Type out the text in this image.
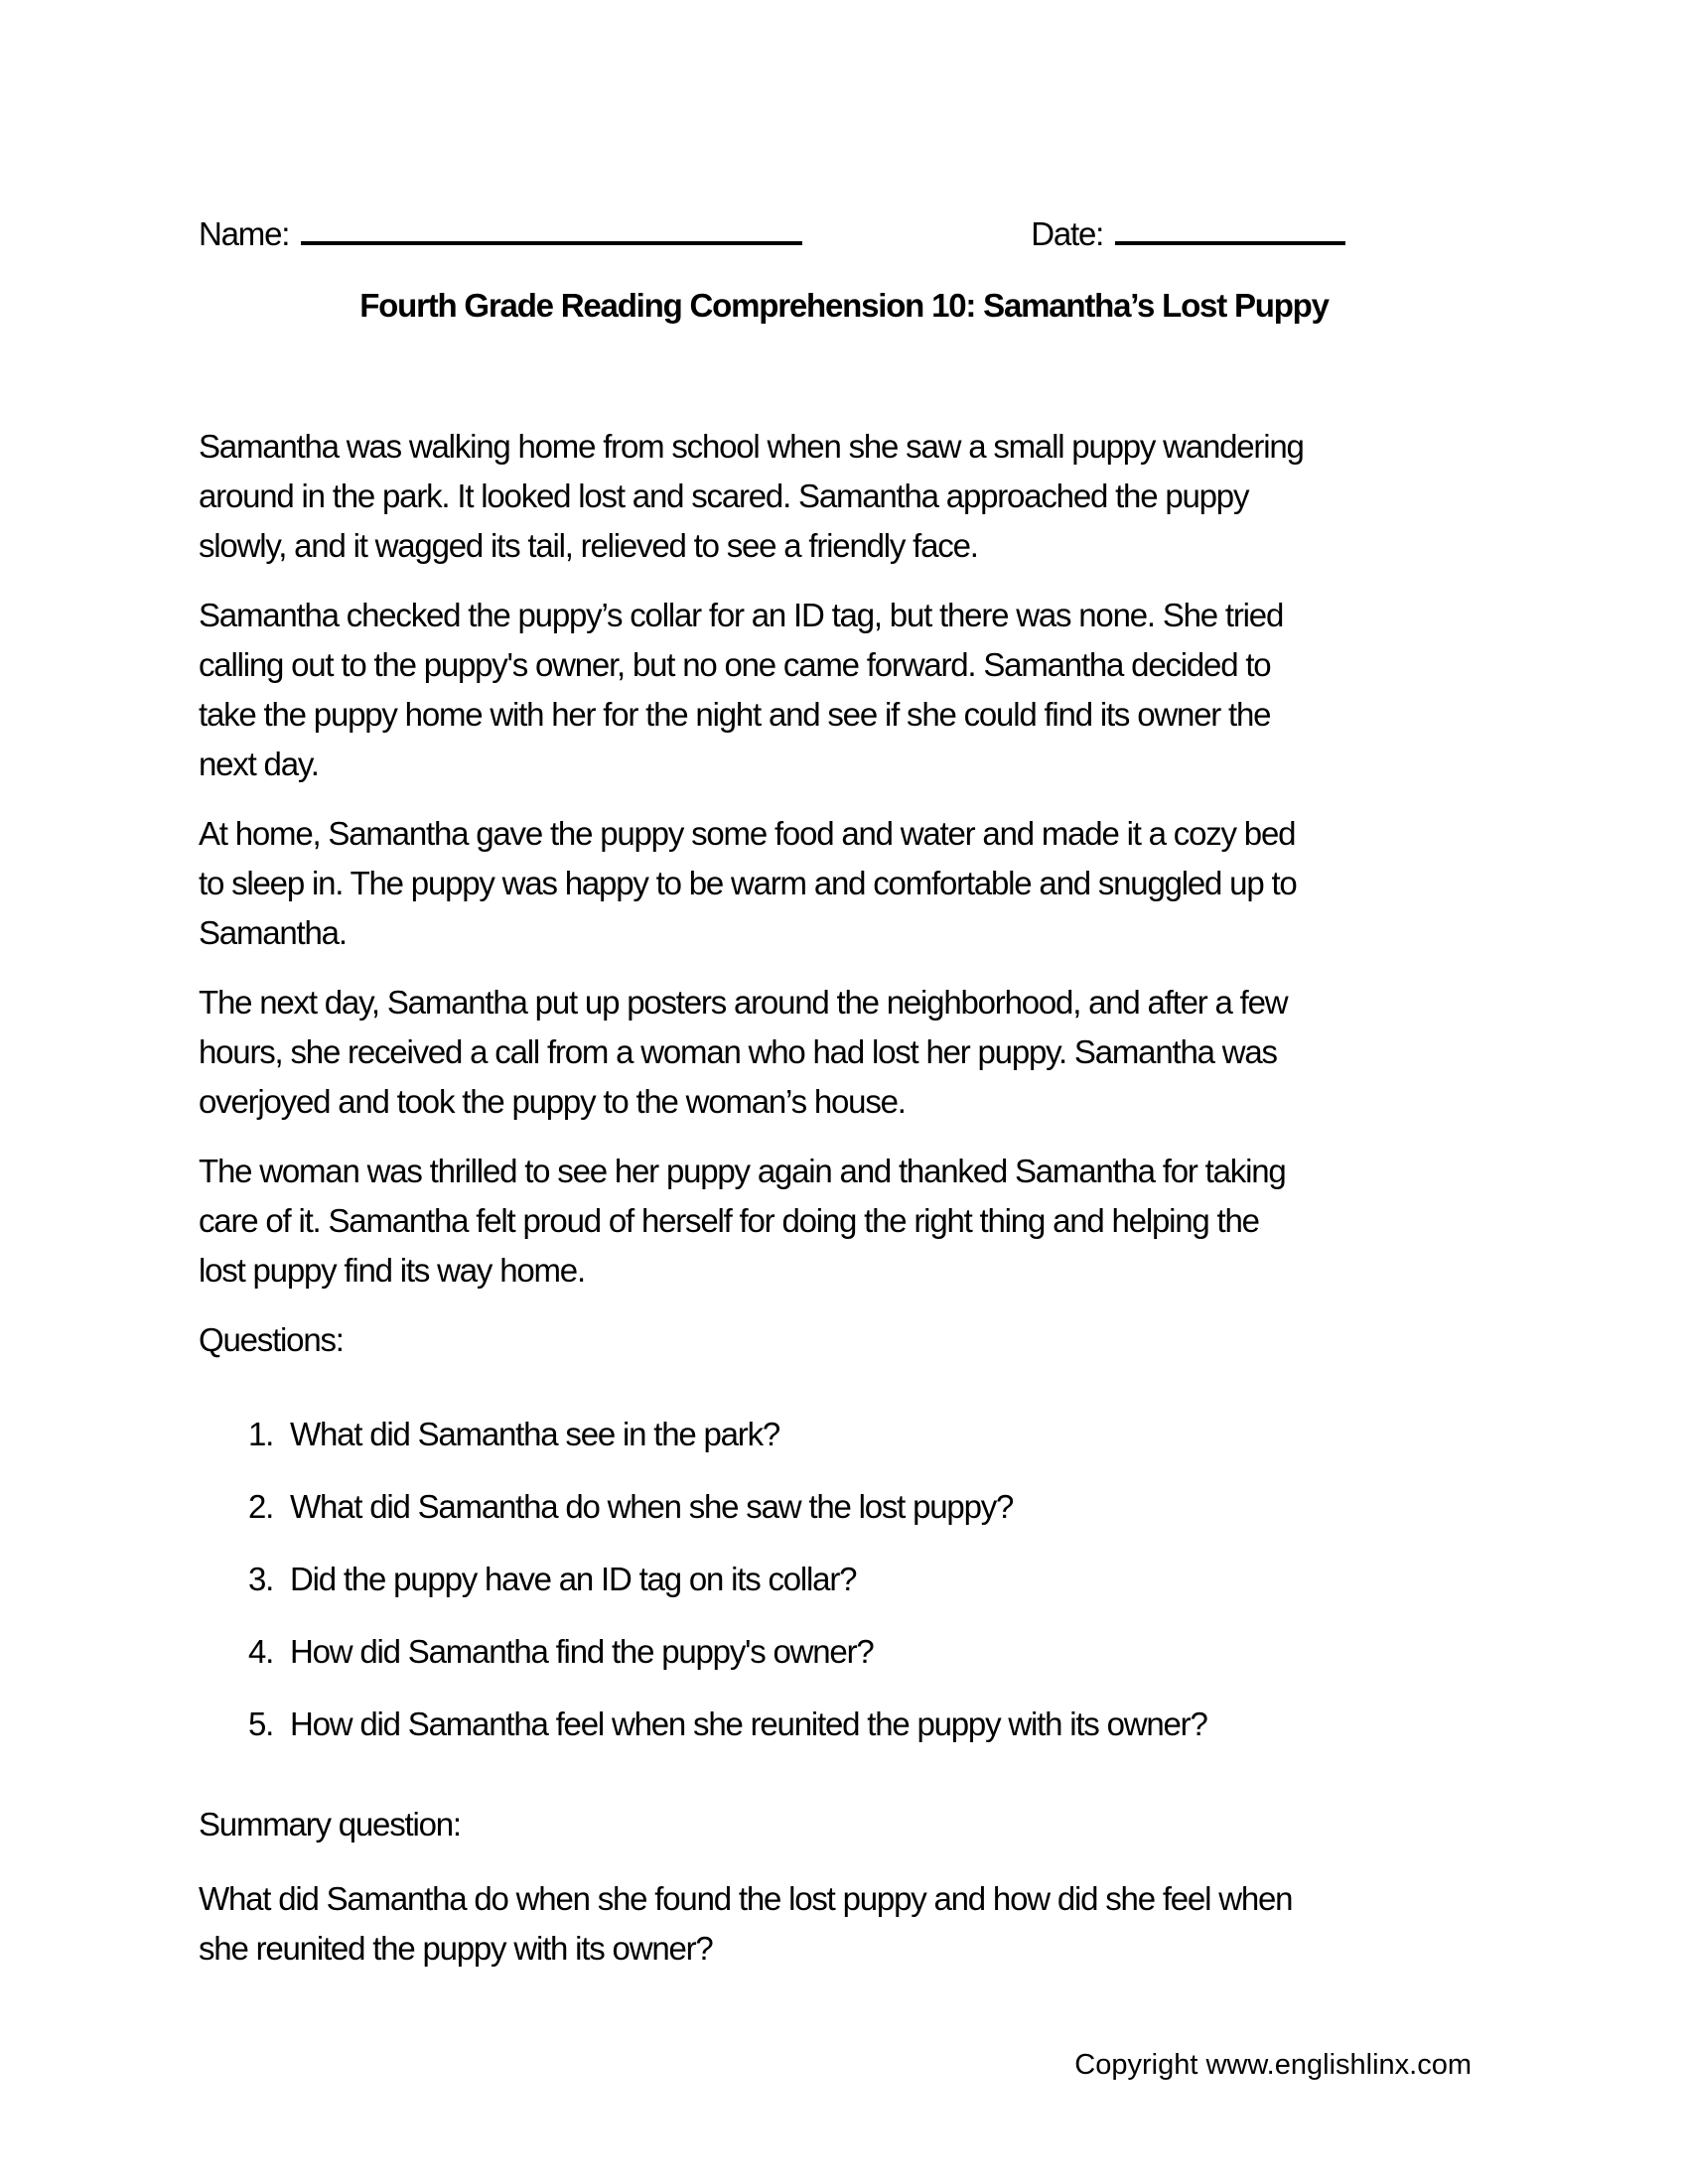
Name:	Date:
Fourth Grade Reading Comprehension 10: Samantha’s Lost Puppy
Samantha was walking home from school when she saw a small puppy wandering
around in the park. It looked lost and scared. Samantha approached the puppy
slowly, and it wagged its tail, relieved to see a friendly face.
Samantha checked the puppy’s collar for an ID tag, but there was none. She tried
calling out to the puppy's owner, but no one came forward. Samantha decided to
take the puppy home with her for the night and see if she could find its owner the
next day.
At home, Samantha gave the puppy some food and water and made it a cozy bed
to sleep in. The puppy was happy to be warm and comfortable and snuggled up to
Samantha.
The next day, Samantha put up posters around the neighborhood, and after a few
hours, she received a call from a woman who had lost her puppy. Samantha was
overjoyed and took the puppy to the woman’s house.
The woman was thrilled to see her puppy again and thanked Samantha for taking
care of it. Samantha felt proud of herself for doing the right thing and helping the
lost puppy find its way home.
Questions:
1. What did Samantha see in the park?
2. What did Samantha do when she saw the lost puppy?
3. Did the puppy have an ID tag on its collar?
4. How did Samantha find the puppy's owner?
5. How did Samantha feel when she reunited the puppy with its owner?
Summary question:
What did Samantha do when she found the lost puppy and how did she feel when
she reunited the puppy with its owner?
Copyright www.englishlinx.com
